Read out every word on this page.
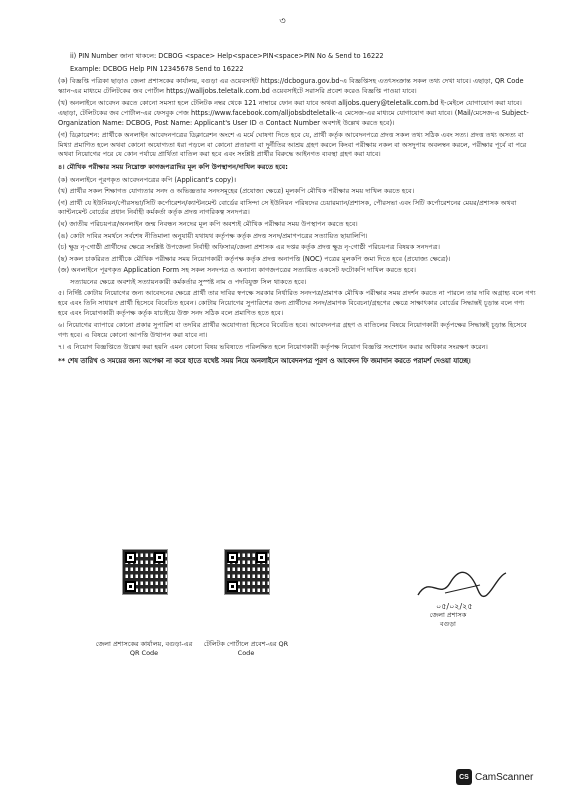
৩

ii) PIN Number জানা থাকলে: DCBOG <space> Help<space>PIN<space>PIN No & Send to 16222

Example: DCBOG Help PIN 12345678 Send to 16222

(ক) বিজ্ঞপ্তি পত্রিকা ছাড়াও জেলা প্রশাসকের কার্যালয়, বগুড়া এর ওয়েবসাইট https://dcbogura.gov.bd-এ বিজ্ঞপ্তিসহ এতৎসংক্রান্ত সকল তথ্য দেখা যাবে। এছাড়া, QR Code স্ক্যান-এর মাধ্যমে টেলিটকের জব পোর্টাল https://walljobs.teletalk.com.bd ওয়েবসাইটে সরাসরি প্রবেশ করেও বিজ্ঞপ্তি পাওয়া যাবে।

(খ) অনলাইনে আবেদন করতে কোনো সমস্যা হলে টেলিটক নম্বর থেকে 121 নাম্বারে ফোন করা যাবে অথবা alljobs.query@teletalk.com.bd ই-মেইলে যোগাযোগ করা যাবে। এছাড়া, টেলিটকের জব পোর্টাল-এর ফেসবুক পেজ https://www.facebook.com/alljobsbdteletalk-এ মেসেজ-এর মাধ্যমে যোগাযোগ করা যাবে। (Mail/মেসেজ-এ Subject-Organization Name: DCBOG, Post Name: Applicant's User ID ও Contact Number অবশ্যই উল্লেখ করতে হবে)।

(গ) ডিক্লারেশন: প্রার্থীকে অনলাইন আবেদনপত্রের ডিক্লারেশন অংশে এ মর্মে ঘোষণা দিতে হবে যে, প্রার্থী কর্তৃক আবেদনপত্রে প্রদত্ত সকল তথ্য সঠিক এবং সত্য। প্রদত্ত তথ্য অসত্য বা মিথ্যা প্রমাণিত হলে অথবা কোনো অযোগ্যতা ধরা পড়লে বা কোনো প্রতারণা বা দুর্নীতির আশ্রয় গ্রহণ করলে কিংবা পরীক্ষায় নকল বা অসদুপায় অবলম্বন করলে, পরীক্ষার পূর্বে বা পরে অথবা নিয়োগের পরে যে কোন পর্যায়ে প্রার্থিতা বাতিল করা হবে এবং সংশ্লিষ্ট প্রার্থীর বিরুদ্ধে আইনগত ব্যবস্থা গ্রহণ করা যাবে।

৪। মৌখিক পরীক্ষার সময় নিম্নোক্ত কাগজপত্রাদির মূল কপি উপস্থাপন/দাখিল করতে হবে:

(ক) অনলাইনে পূরণকৃত আবেদনপত্রের কপি (Applicant's copy)।

(খ) প্রার্থীর সকল শিক্ষাগত যোগ্যতার সনদ ও অভিজ্ঞতার সনদসমূহের (প্রযোজ্য ক্ষেত্রে) মূলকপি মৌখিক পরীক্ষার সময় দাখিল করতে হবে।

(গ) প্রার্থী যে ইউনিয়ন/পৌরসভা/সিটি কর্পোরেশন/ক্যান্টনমেন্ট বোর্ডের বাসিন্দা সে ইউনিয়ন পরিষদের চেয়ারম্যান/প্রশাসক, পৌরসভা এবং সিটি কর্পোরেশনের মেয়র/প্রশাসক অথবা ক্যান্টনমেন্ট বোর্ডের প্রধান নির্বাহী কর্মকর্তা কর্তৃক প্রদত্ত নাগরিকত্ব সনদপত্র।

(ঘ) জাতীয় পরিচয়পত্র/অনলাইন জন্ম নিবন্ধন সনদের মূল কপি অবশ্যই মৌখিক পরীক্ষার সময় উপস্থাপন করতে হবে।

(ঙ) কোটা দাবির সমর্থনে সর্বশেষ নীতিমালা অনুযায়ী যথাযথ কর্তৃপক্ষ কর্তৃক প্রদত্ত সনদ/প্রমাণপত্রের সত্যায়িত ছায়ালিপি।

(চ) ক্ষুদ্র নৃ-গোষ্ঠী প্রার্থীদের ক্ষেত্রে সংশ্লিষ্ট উপজেলা নির্বাহী অফিসার/জেলা প্রশাসক এর দপ্তর কর্তৃক প্রদত্ত ক্ষুদ্র নৃ-গোষ্ঠী পরিচয়পত্র বিষয়ক সনদপত্র।

(ছ) সকল চাকরিরত প্রার্থীকে মৌখিক পরীক্ষার সময় নিয়োগকারী কর্তৃপক্ষ কর্তৃক প্রদত্ত অনাপত্তি (NOC) পত্রের মূলকপি জমা দিতে হবে (প্রযোজ্য ক্ষেত্রে)।

(জ) অনলাইনে পূরণকৃত Application Form সহ সকল সনদপত্র ও অন্যান্য কাগজপত্রের সত্যায়িত একসেট ফটোকপি দাখিল করতে হবে।

সত্যায়নের ক্ষেত্রে অবশ্যই সত্যায়নকারী কর্মকর্তার সুস্পষ্ট নাম ও পদবিযুক্ত সিল থাকতে হবে।

৫। নির্দিষ্ট কোটায় নিয়োগের জন্য আবেদনের ক্ষেত্রে প্রার্থী তার দাবির স্বপক্ষে সরকার নির্ধারিত সনদপত্র/প্রমাণক মৌখিক পরীক্ষার সময় প্রদর্শন করতে না পারলে তার দাবি অগ্রাহ্য বলে গণ্য হবে এবং তিনি সাধারণ প্রার্থী হিসেবে বিবেচিত হবেন। কোটায় নিয়োগের সুপারিশের জন্য প্রার্থীদের সনদ/প্রমাণক বিবেচনা/গ্রহণের ক্ষেত্রে সাক্ষাৎকার বোর্ডের সিদ্ধান্তই চূড়ান্ত বলে গণ্য হবে এবং নিয়োগকারী কর্তৃপক্ষ কর্তৃক যাচাইয়ে উক্ত সনদ সঠিক বলে প্রমাণিত হতে হবে।

৬। নিয়োগের ব্যাপারে কোনো প্রকার সুপারিশ বা তদবির প্রার্থীর অযোগ্যতা হিসেবে বিবেচিত হবে। আবেদনপত্র গ্রহণ ও বাতিলের বিষয়ে নিয়োগকারী কর্তৃপক্ষের সিদ্ধান্তই চূড়ান্ত হিসেবে গণ্য হবে। এ বিষয়ে কোনো আপত্তি উত্থাপন করা যাবে না।

৭। এ নিয়োগ বিজ্ঞপ্তিতে উল্লেখ করা হয়নি এমন কোনো বিষয় ভবিষ্যতে পরিলক্ষিত হলে নিয়োগকারী কর্তৃপক্ষ নিয়োগ বিজ্ঞপ্তি সংশোধন করার অধিকার সংরক্ষণ করেন।

** শেষ তারিখ ও সময়ের জন্য অপেক্ষা না করে হাতে যথেষ্ট সময় নিয়ে অনলাইনে আবেদনপত্র পূরণ ও আবেদন ফি জমাদান করতে পরামর্শ দেওয়া যাচ্ছে।

জেলা প্রশাসকের কার্যালয়, বগুড়া-এর QR Code
টেলিটক পোর্টালে প্রবেশ-এর QR Code
০৫/০২/২৫
জেলা প্রশাসক
বগুড়া
CS CamScanner
